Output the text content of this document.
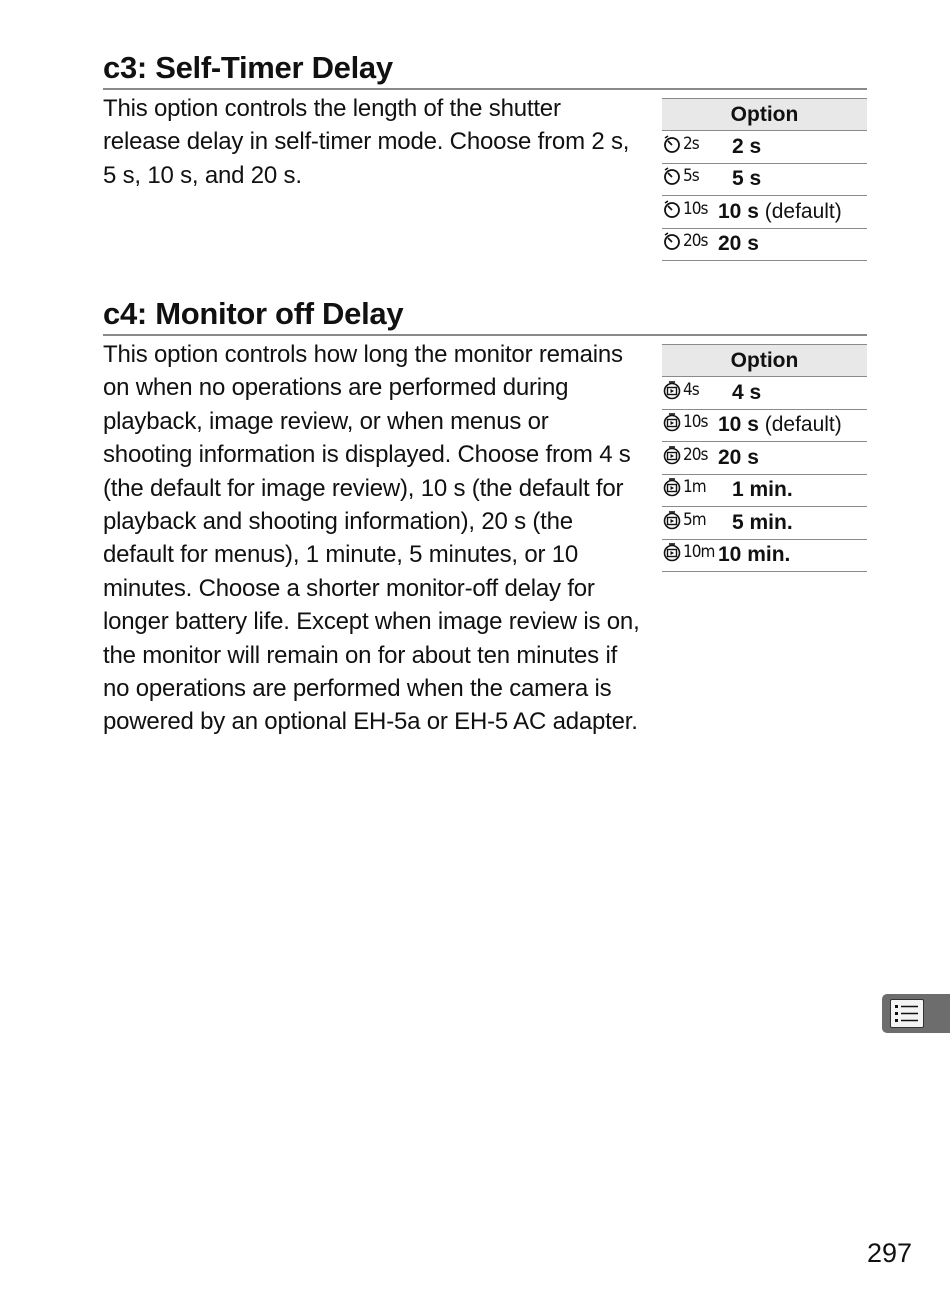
c3: Self-Timer Delay

This option controls the length of the shutter release delay in self-timer mode. Choose from 2 s, 5 s, 10 s, and 20 s.

Option	

2s	2 s

5s	5 s

10s	10 s (default)

20s	20 s
c4: Monitor off Delay

This option controls how long the monitor remains on when no operations are performed during playback, image review, or when menus or shooting information is displayed. Choose from 4 s (the default for image review), 10 s (the default for playback and shooting information), 20 s (the default for menus), 1 minute, 5 minutes, or 10 minutes. Choose a shorter monitor-off delay for longer battery life. Except when image review is on, the monitor will remain on for about ten minutes if no operations are performed when the camera is powered by an optional EH-5a or EH-5 AC adapter.

Option	

4s	4 s

10s	10 s (default)

20s	20 s

1m	1 min.

5m	5 min.

10m	10 min.
297
